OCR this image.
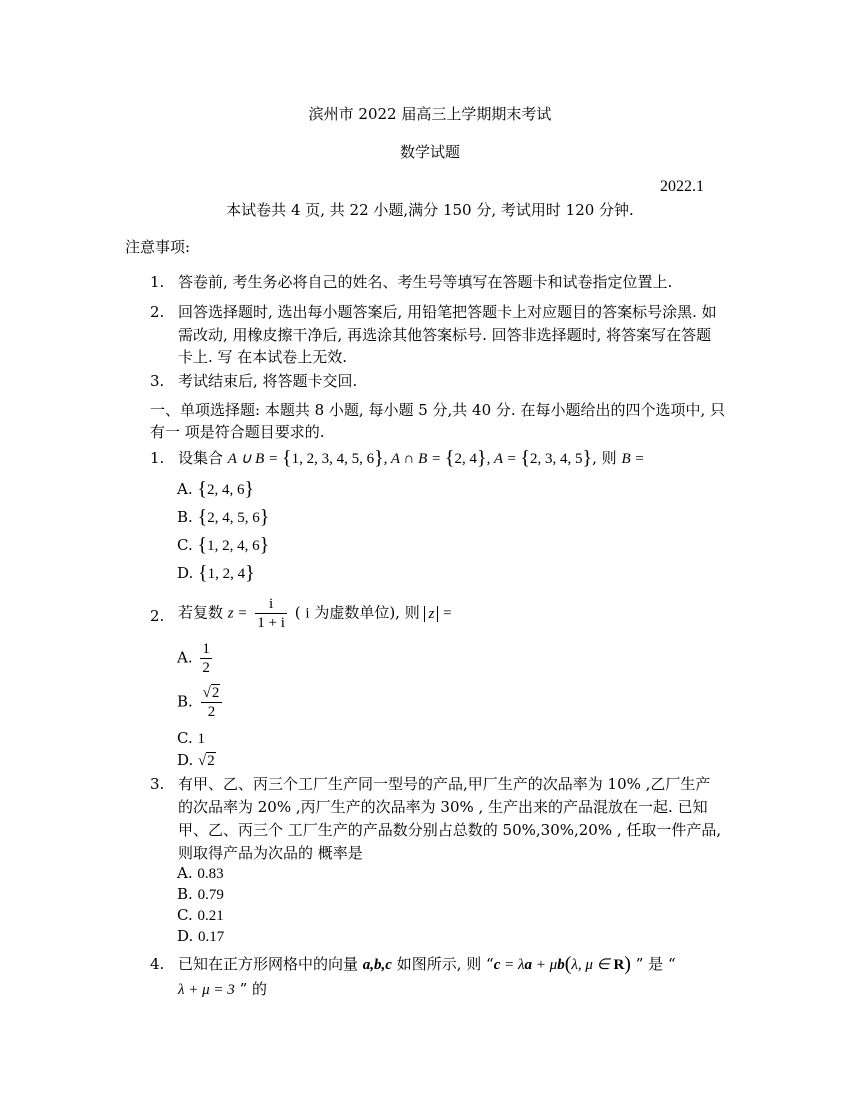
滨州市 2022 届高三上学期期末考试
数学试题
2022.1
本试卷共 4 页, 共 22 小题,满分 150 分, 考试用时 120 分钟.
注意事项:
1. 答卷前, 考生务必将自己的姓名、考生号等填写在答题卡和试卷指定位置上.
2. 回答选择题时, 选出每小题答案后, 用铅笔把答题卡上对应题目的答案标号涂黑. 如需改动, 用橡皮擦干净后, 再选涂其他答案标号. 回答非选择题时, 将答案写在答题卡上. 写 在本试卷上无效.
3. 考试结束后, 将答题卡交回.
一、单项选择题: 本题共 8 小题, 每小题 5 分,共 40 分. 在每小题给出的四个选项中, 只有一 项是符合题目要求的.
1. 设集合 A ∪ B = {1, 2, 3, 4, 5, 6}, A ∩ B = {2, 4}, A = {2, 3, 4, 5}, 则 B =
A. {2, 4, 6}
B. {2, 4, 5, 6}
C. {1, 2, 4, 6}
D. {1, 2, 4}
2. 若复数 $z = \frac{i}{1 + i}$ ( i 为虚数单位), 则 z =
A. $\frac{1}{2}$
B. $\frac{√2}{2}$
C. 1
D. √2
3. 有甲、乙、丙三个工厂生产同一型号的产品,甲厂生产的次品率为 10% ,乙厂生产的次品率为 20% ,丙厂生产的次品率为 30% , 生产出来的产品混放在一起. 已知甲、乙、丙三个 工厂生产的产品数分别占总数的 50%,30%,20% , 任取一件产品, 则取得产品为次品的 概率是
A. 0.83
B. 0.79
C. 0.21
D. 0.17
4. 已知在正方形网格中的向量 a,b,c 如图所示, 则 “c = λa + μb(λ, μ ∈ R) ” 是 “
λ + μ = 3 ” 的
